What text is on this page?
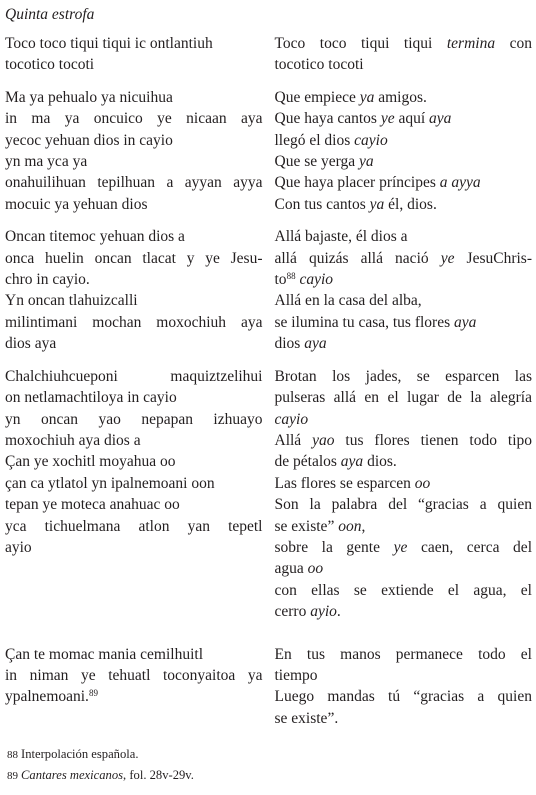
Quinta estrofa
Toco toco tiqui tiqui ic ontlantiuh
tocotico tocoti
Toco toco tiqui tiqui termina con
tocotico tocoti
Ma ya pehualo ya nicuihua
in ma ya oncuico ye nicaan aya
yecoc yehuan dios in cayio
yn ma yca ya
onahuilihuan tepilhuan a ayyan ayya
mocuic ya yehuan dios
Que empiece ya amigos.
Que haya cantos ye aquí aya
llegó el dios cayio
Que se yerga ya
Que haya placer príncipes a ayya
Con tus cantos ya él, dios.
Oncan titemoc yehuan dios a
onca huelin oncan tlacat y ye Jesu-
chro in cayio.
Yn oncan tlahuizcalli
milintimani mochan moxochiuh aya
dios aya
Allá bajaste, él dios a
allá quizás allá nació ye JesuChris-
$to^{88}$ cayio
Allá en la casa del alba,
se ilumina tu casa, tus flores aya
dios aya
Chalchiuhcueponi maquiztzelihui
on netlamachtiloya in cayio
yn oncan yao nepapan izhuayo
moxochiuh aya dios a
Çan ye xochitl moyahua oo
çan ca ytlatol yn ipalnemoani oon
tepan ye moteca anahuac oo
yca tichuelmana atlon yan tepetl
ayio
Brotan los jades, se esparcen las
pulseras allá en el lugar de la alegría
cayio
Allá yao tus flores tienen todo tipo
de pétalos aya dios.
Las flores se esparcen oo
Son la palabra del “gracias a quien
se existe” oon,
sobre la gente ye caen, cerca del
agua oo
con ellas se extiende el agua, el
cerro ayio.
Çan te momac mania cemilhuitl
in niman ye tehuatl toconyaitoa ya
ypalnemoani.$^{89}$
En tus manos permanece todo el
tiempo
Luego mandas tú “gracias a quien
se existe”.
88 Interpolación española.
89 Cantares mexicanos, fol. 28v-29v.
